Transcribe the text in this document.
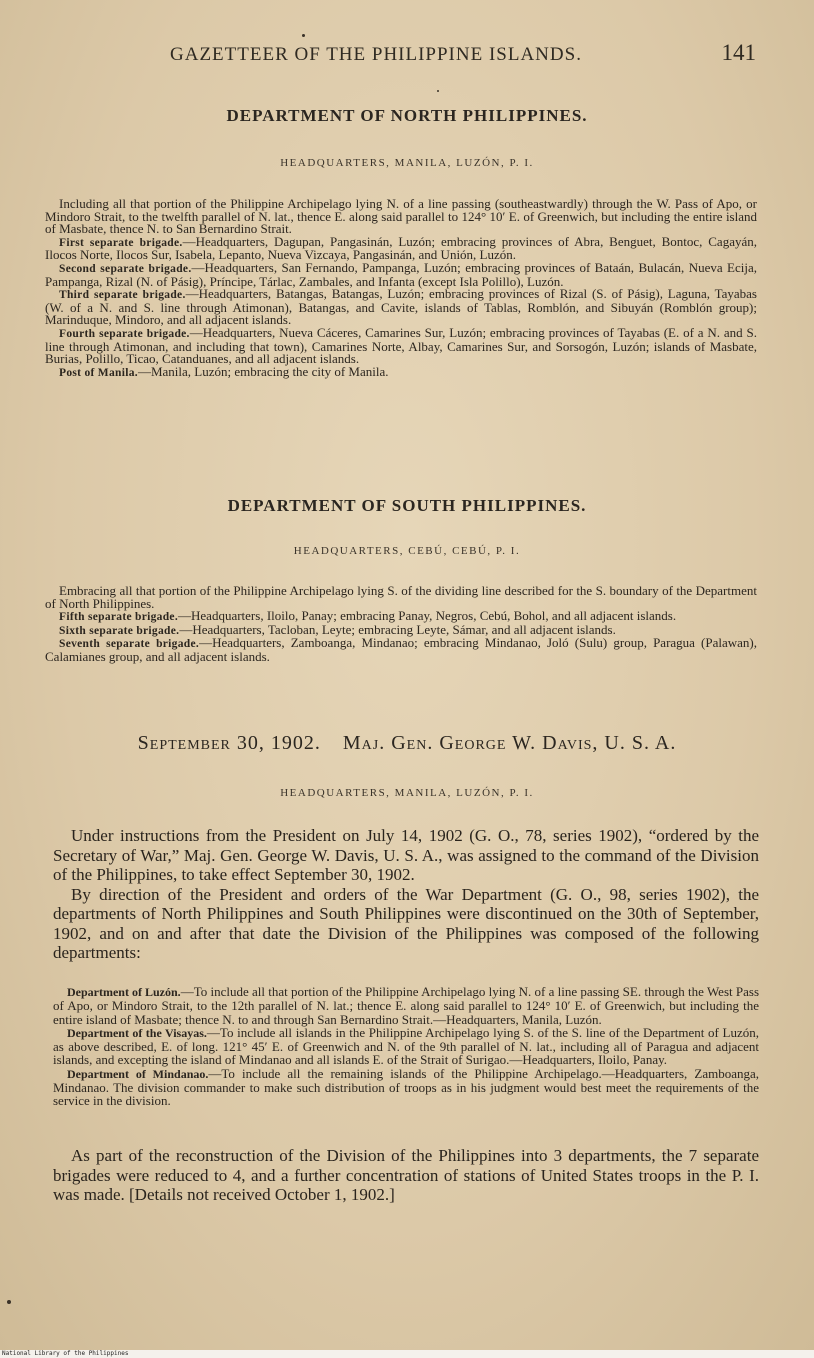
GAZETTEER OF THE PHILIPPINE ISLANDS.	141
DEPARTMENT OF NORTH PHILIPPINES.
HEADQUARTERS, MANILA, LUZÓN, P. I.

Including all that portion of the Philippine Archipelago lying N. of a line passing (southeastwardly) through the W. Pass of Apo, or Mindoro Strait, to the twelfth parallel of N. lat., thence E. along said parallel to 124° 10′ E. of Greenwich, but including the entire island of Masbate, thence N. to San Bernardino Strait.

First separate brigade.—Headquarters, Dagupan, Pangasinán, Luzón; embracing provinces of Abra, Benguet, Bontoc, Cagayán, Ilocos Norte, Ilocos Sur, Isabela, Lepanto, Nueva Vizcaya, Pangasinán, and Unión, Luzón.

Second separate brigade.—Headquarters, San Fernando, Pampanga, Luzón; embracing provinces of Bataán, Bulacán, Nueva Ecija, Pampanga, Rizal (N. of Pásig), Príncipe, Tárlac, Zambales, and Infanta (except Isla Polillo), Luzón.

Third separate brigade.—Headquarters, Batangas, Batangas, Luzón; embracing provinces of Rizal (S. of Pásig), Laguna, Tayabas (W. of a N. and S. line through Atimonan), Batangas, and Cavite, islands of Tablas, Romblón, and Sibuyán (Romblón group); Marinduque, Mindoro, and all adjacent islands.

Fourth separate brigade.—Headquarters, Nueva Cáceres, Camarines Sur, Luzón; embracing provinces of Tayabas (E. of a N. and S. line through Atimonan, and including that town), Camarines Norte, Albay, Camarines Sur, and Sorsogón, Luzón; islands of Masbate, Burias, Polillo, Ticao, Catanduanes, and all adjacent islands.

Post of Manila.—Manila, Luzón; embracing the city of Manila.

DEPARTMENT OF SOUTH PHILIPPINES.
HEADQUARTERS, CEBÚ, CEBÚ, P. I.

Embracing all that portion of the Philippine Archipelago lying S. of the dividing line described for the S. boundary of the Department of North Philippines.

Fifth separate brigade.—Headquarters, Iloilo, Panay; embracing Panay, Negros, Cebú, Bohol, and all adjacent islands.

Sixth separate brigade.—Headquarters, Tacloban, Leyte; embracing Leyte, Sámar, and all adjacent islands.

Seventh separate brigade.—Headquarters, Zamboanga, Mindanao; embracing Mindanao, Joló (Sulu) group, Paragua (Palawan), Calamianes group, and all adjacent islands.

September 30, 1902. Maj. Gen. George W. Davis, U. S. A.
HEADQUARTERS, MANILA, LUZÓN, P. I.

Under instructions from the President on July 14, 1902 (G. O., 78, series 1902), “ordered by the Secretary of War,” Maj. Gen. George W. Davis, U. S. A., was assigned to the command of the Division of the Philippines, to take effect September 30, 1902.

By direction of the President and orders of the War Department (G. O., 98, series 1902), the departments of North Philippines and South Philippines were discontinued on the 30th of September, 1902, and on and after that date the Division of the Philippines was composed of the following departments:

Department of Luzón.—To include all that portion of the Philippine Archipelago lying N. of a line passing SE. through the West Pass of Apo, or Mindoro Strait, to the 12th parallel of N. lat.; thence E. along said parallel to 124° 10′ E. of Greenwich, but including the entire island of Masbate; thence N. to and through San Bernardino Strait.—Headquarters, Manila, Luzón.

Department of the Visayas.—To include all islands in the Philippine Archipelago lying S. of the S. line of the Department of Luzón, as above described, E. of long. 121° 45′ E. of Greenwich and N. of the 9th parallel of N. lat., including all of Paragua and adjacent islands, and excepting the island of Mindanao and all islands E. of the Strait of Surigao.—Headquarters, Iloilo, Panay.

Department of Mindanao.—To include all the remaining islands of the Philippine Archipelago.—Headquarters, Zamboanga, Mindanao. The division commander to make such distribution of troops as in his judgment would best meet the requirements of the service in the division.

As part of the reconstruction of the Division of the Philippines into 3 departments, the 7 separate brigades were reduced to 4, and a further concentration of stations of United States troops in the P. I. was made. [Details not received October 1, 1902.]

National Library of the Philippines
